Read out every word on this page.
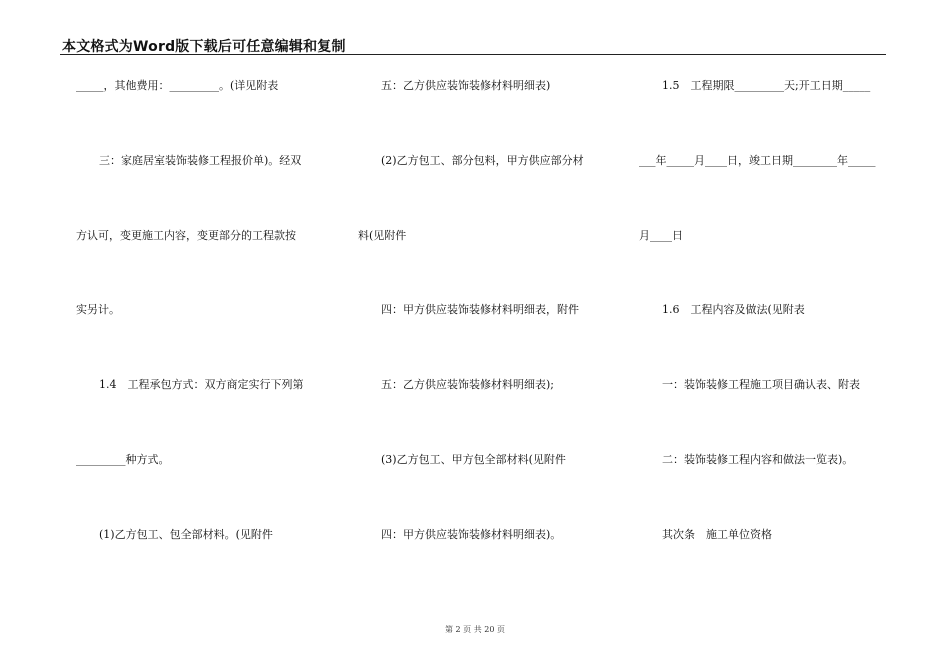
本文格式为Word版下载后可任意编辑和复制
_____，其他费用：_________。(详见附表
三：家庭居室装饰装修工程报价单)。经双
方认可，变更施工内容，变更部分的工程款按
实另计。
1.4　工程承包方式：双方商定实行下列第
_________种方式。
(1)乙方包工、包全部材料。(见附件
五：乙方供应装饰装修材料明细表)
(2)乙方包工、部分包料，甲方供应部分材
料(见附件
四：甲方供应装饰装修材料明细表，附件
五：乙方供应装饰装修材料明细表);
(3)乙方包工、甲方包全部材料(见附件
四：甲方供应装饰装修材料明细表)。
1.5　工程期限_________天;开工日期_____
___年_____月____日，竣工日期________年_____
月____日
1.6　工程内容及做法(见附表
一：装饰装修工程施工项目确认表、附表
二：装饰装修工程内容和做法一览表)。
其次条　施工单位资格
第 2 页 共 20 页
